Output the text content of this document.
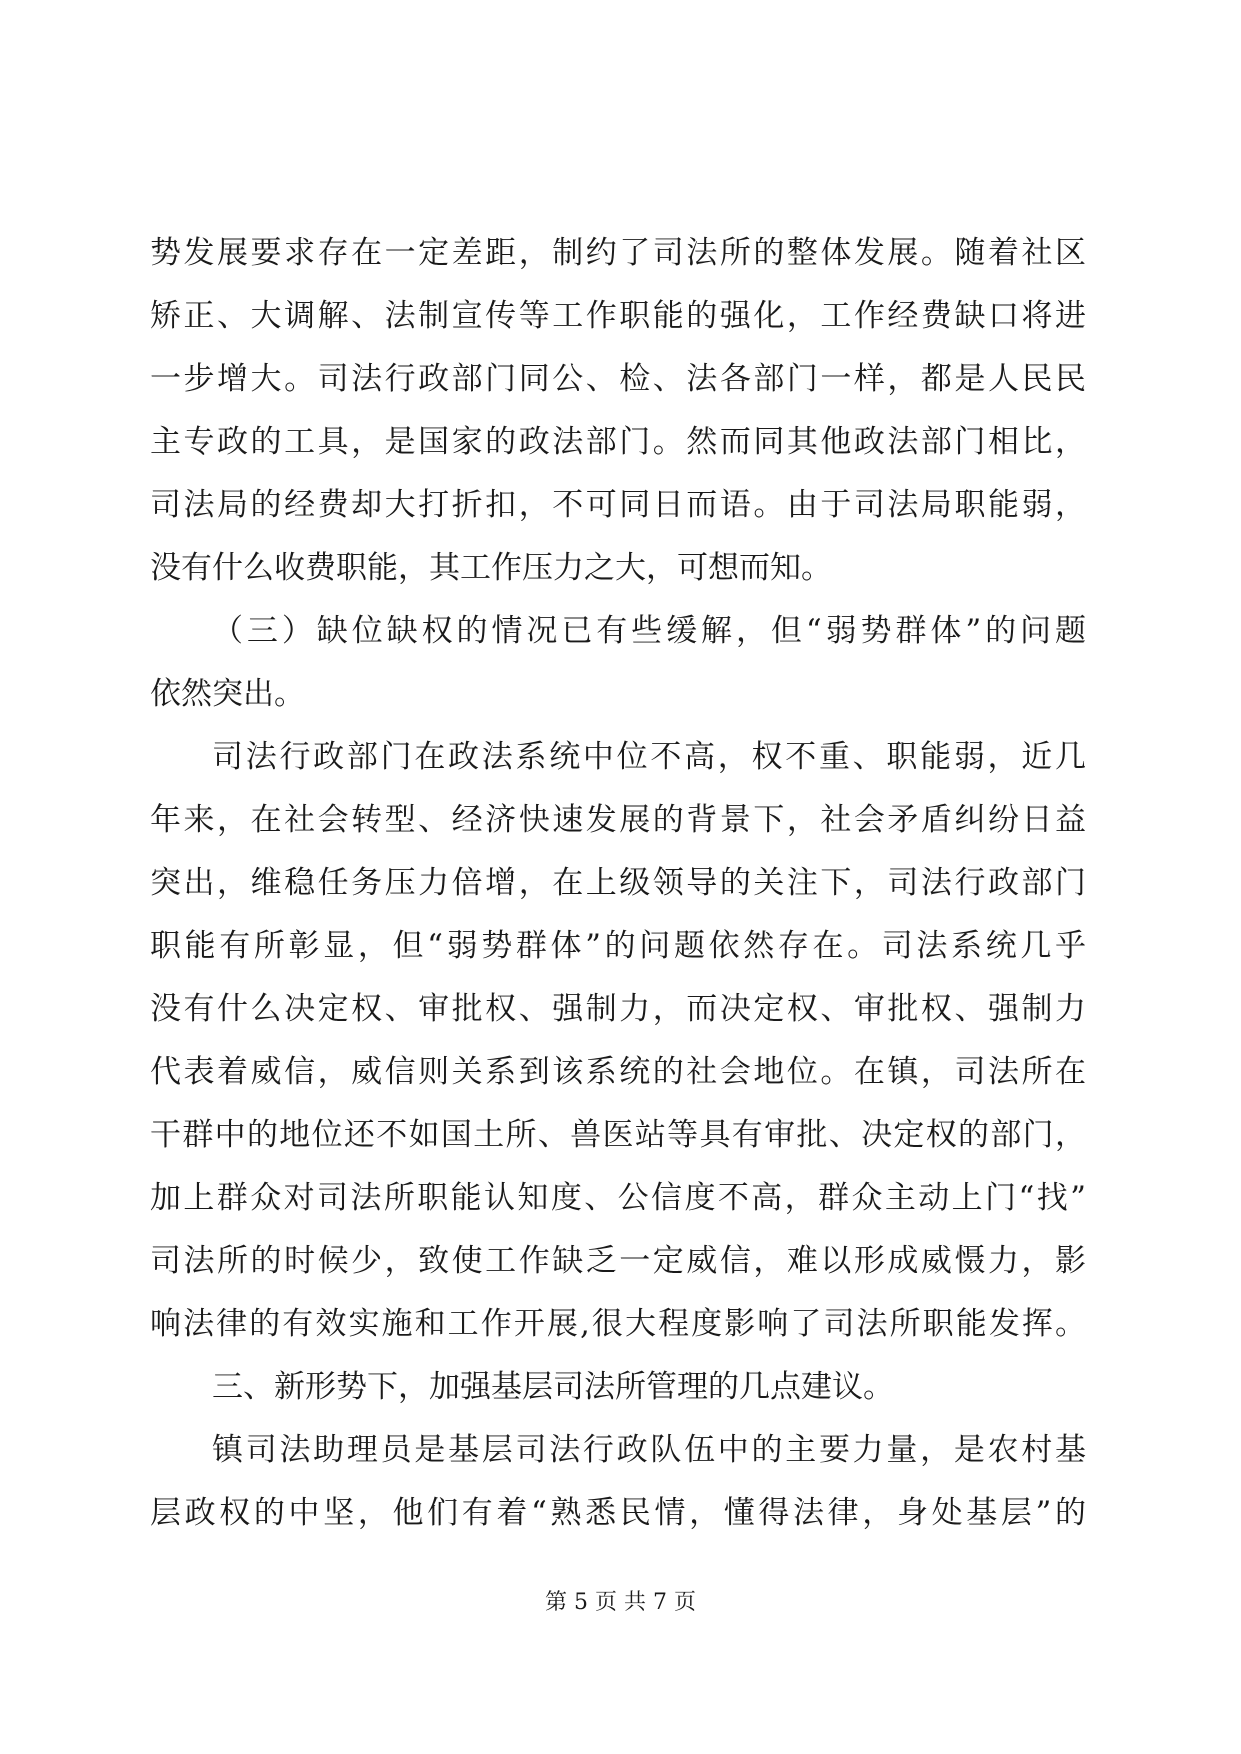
势发展要求存在一定差距，制约了司法所的整体发展。随着社区
矫正、大调解、法制宣传等工作职能的强化，工作经费缺口将进
一步增大。司法行政部门同公、检、法各部门一样，都是人民民
主专政的工具，是国家的政法部门。然而同其他政法部门相比，
司法局的经费却大打折扣，不可同日而语。由于司法局职能弱，
没有什么收费职能，其工作压力之大，可想而知。
（三）缺位缺权的情况已有些缓解，但“弱势群体”的问题
依然突出。
司法行政部门在政法系统中位不高，权不重、职能弱，近几
年来，在社会转型、经济快速发展的背景下，社会矛盾纠纷日益
突出，维稳任务压力倍增，在上级领导的关注下，司法行政部门
职能有所彰显，但“弱势群体”的问题依然存在。司法系统几乎
没有什么决定权、审批权、强制力，而决定权、审批权、强制力
代表着威信，威信则关系到该系统的社会地位。在镇，司法所在
干群中的地位还不如国土所、兽医站等具有审批、决定权的部门，
加上群众对司法所职能认知度、公信度不高，群众主动上门“找”
司法所的时候少，致使工作缺乏一定威信，难以形成威慑力，影
响法律的有效实施和工作开展,很大程度影响了司法所职能发挥。
三、新形势下，加强基层司法所管理的几点建议。
镇司法助理员是基层司法行政队伍中的主要力量，是农村基
层政权的中坚，他们有着“熟悉民情，懂得法律，身处基层”的
第 5 页 共 7 页
